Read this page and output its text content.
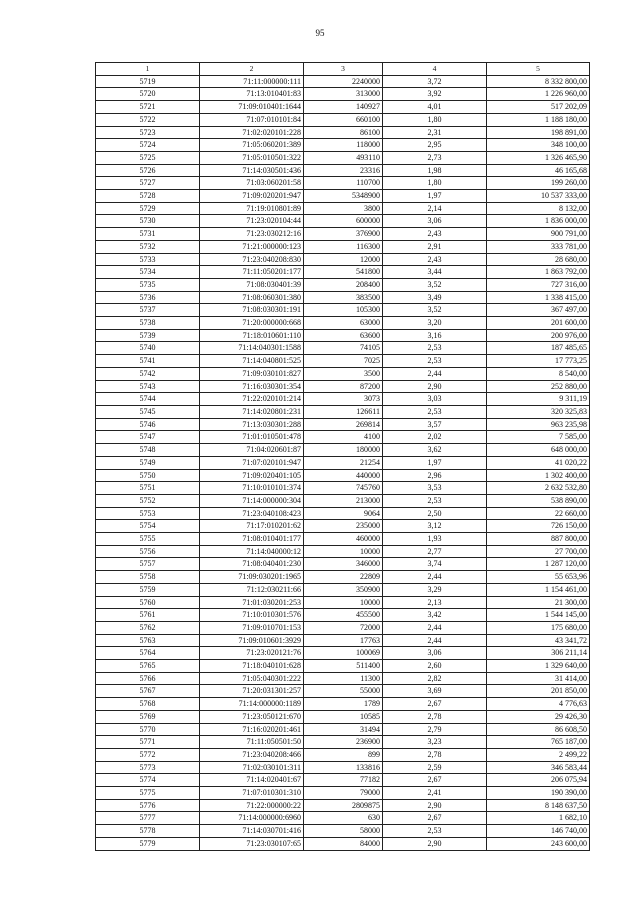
95
1	2	3	4	5
5719	71:11:000000:111	2240000	3,72	8 332 800,00
5720	71:13:010401:83	313000	3,92	1 226 960,00
5721	71:09:010401:1644	140927	4,01	517 202,09
5722	71:07:010101:84	660100	1,80	1 188 180,00
5723	71:02:020101:228	86100	2,31	198 891,00
5724	71:05:060201:389	118000	2,95	348 100,00
5725	71:05:010501:322	493110	2,73	1 326 465,90
5726	71:14:030501:436	23316	1,98	46 165,68
5727	71:03:060201:58	110700	1,80	199 260,00
5728	71:09:020201:947	5348900	1,97	10 537 333,00
5729	71:19:010801:89	3800	2,14	8 132,00
5730	71:23:020104:44	600000	3,06	1 836 000,00
5731	71:23:030212:16	376900	2,43	900 791,00
5732	71:21:000000:123	116300	2,91	333 781,00
5733	71:23:040208:830	12000	2,43	28 680,00
5734	71:11:050201:177	541800	3,44	1 863 792,00
5735	71:08:030401:39	208400	3,52	727 316,00
5736	71:08:060301:380	383500	3,49	1 338 415,00
5737	71:08:030301:191	105300	3,52	367 497,00
5738	71:20:000000:668	63000	3,20	201 600,00
5739	71:18:010601:110	63600	3,16	200 976,00
5740	71:14:040301:1588	74105	2,53	187 485,65
5741	71:14:040801:525	7025	2,53	17 773,25
5742	71:09:030101:827	3500	2,44	8 540,00
5743	71:16:030301:354	87200	2,90	252 880,00
5744	71:22:020101:214	3073	3,03	9 311,19
5745	71:14:020801:231	126611	2,53	320 325,83
5746	71:13:030301:288	269814	3,57	963 235,98
5747	71:01:010501:478	4100	2,02	7 585,00
5748	71:04:020601:87	180000	3,62	648 000,00
5749	71:07:020101:947	21254	1,97	41 020,22
5750	71:09:020401:105	440000	2,96	1 302 400,00
5751	71:10:010101:374	745760	3,53	2 632 532,80
5752	71:14:000000:304	213000	2,53	538 890,00
5753	71:23:040108:423	9064	2,50	22 660,00
5754	71:17:010201:62	235000	3,12	726 150,00
5755	71:08:010401:177	460000	1,93	887 800,00
5756	71:14:040000:12	10000	2,77	27 700,00
5757	71:08:040401:230	346000	3,74	1 287 120,00
5758	71:09:030201:1965	22809	2,44	55 653,96
5759	71:12:030211:66	350900	3,29	1 154 461,00
5760	71:01:030201:253	10000	2,13	21 300,00
5761	71:10:010301:576	455500	3,42	1 544 145,00
5762	71:09:010701:153	72000	2,44	175 680,00
5763	71:09:010601:3929	17763	2,44	43 341,72
5764	71:23:020121:76	100069	3,06	306 211,14
5765	71:18:040101:628	511400	2,60	1 329 640,00
5766	71:05:040301:222	11300	2,82	31 414,00
5767	71:20:031301:257	55000	3,69	201 850,00
5768	71:14:000000:1189	1789	2,67	4 776,63
5769	71:23:050121:670	10585	2,78	29 426,30
5770	71:16:020201:461	31494	2,79	86 608,50
5771	71:11:050501:50	236900	3,23	765 187,00
5772	71:23:040208:466	899	2,78	2 499,22
5773	71:02:030101:311	133816	2,59	346 583,44
5774	71:14:020401:67	77182	2,67	206 075,94
5775	71:07:010301:310	79000	2,41	190 390,00
5776	71:22:000000:22	2809875	2,90	8 148 637,50
5777	71:14:000000:6960	630	2,67	1 682,10
5778	71:14:030701:416	58000	2,53	146 740,00
5779	71:23:030107:65	84000	2,90	243 600,00
